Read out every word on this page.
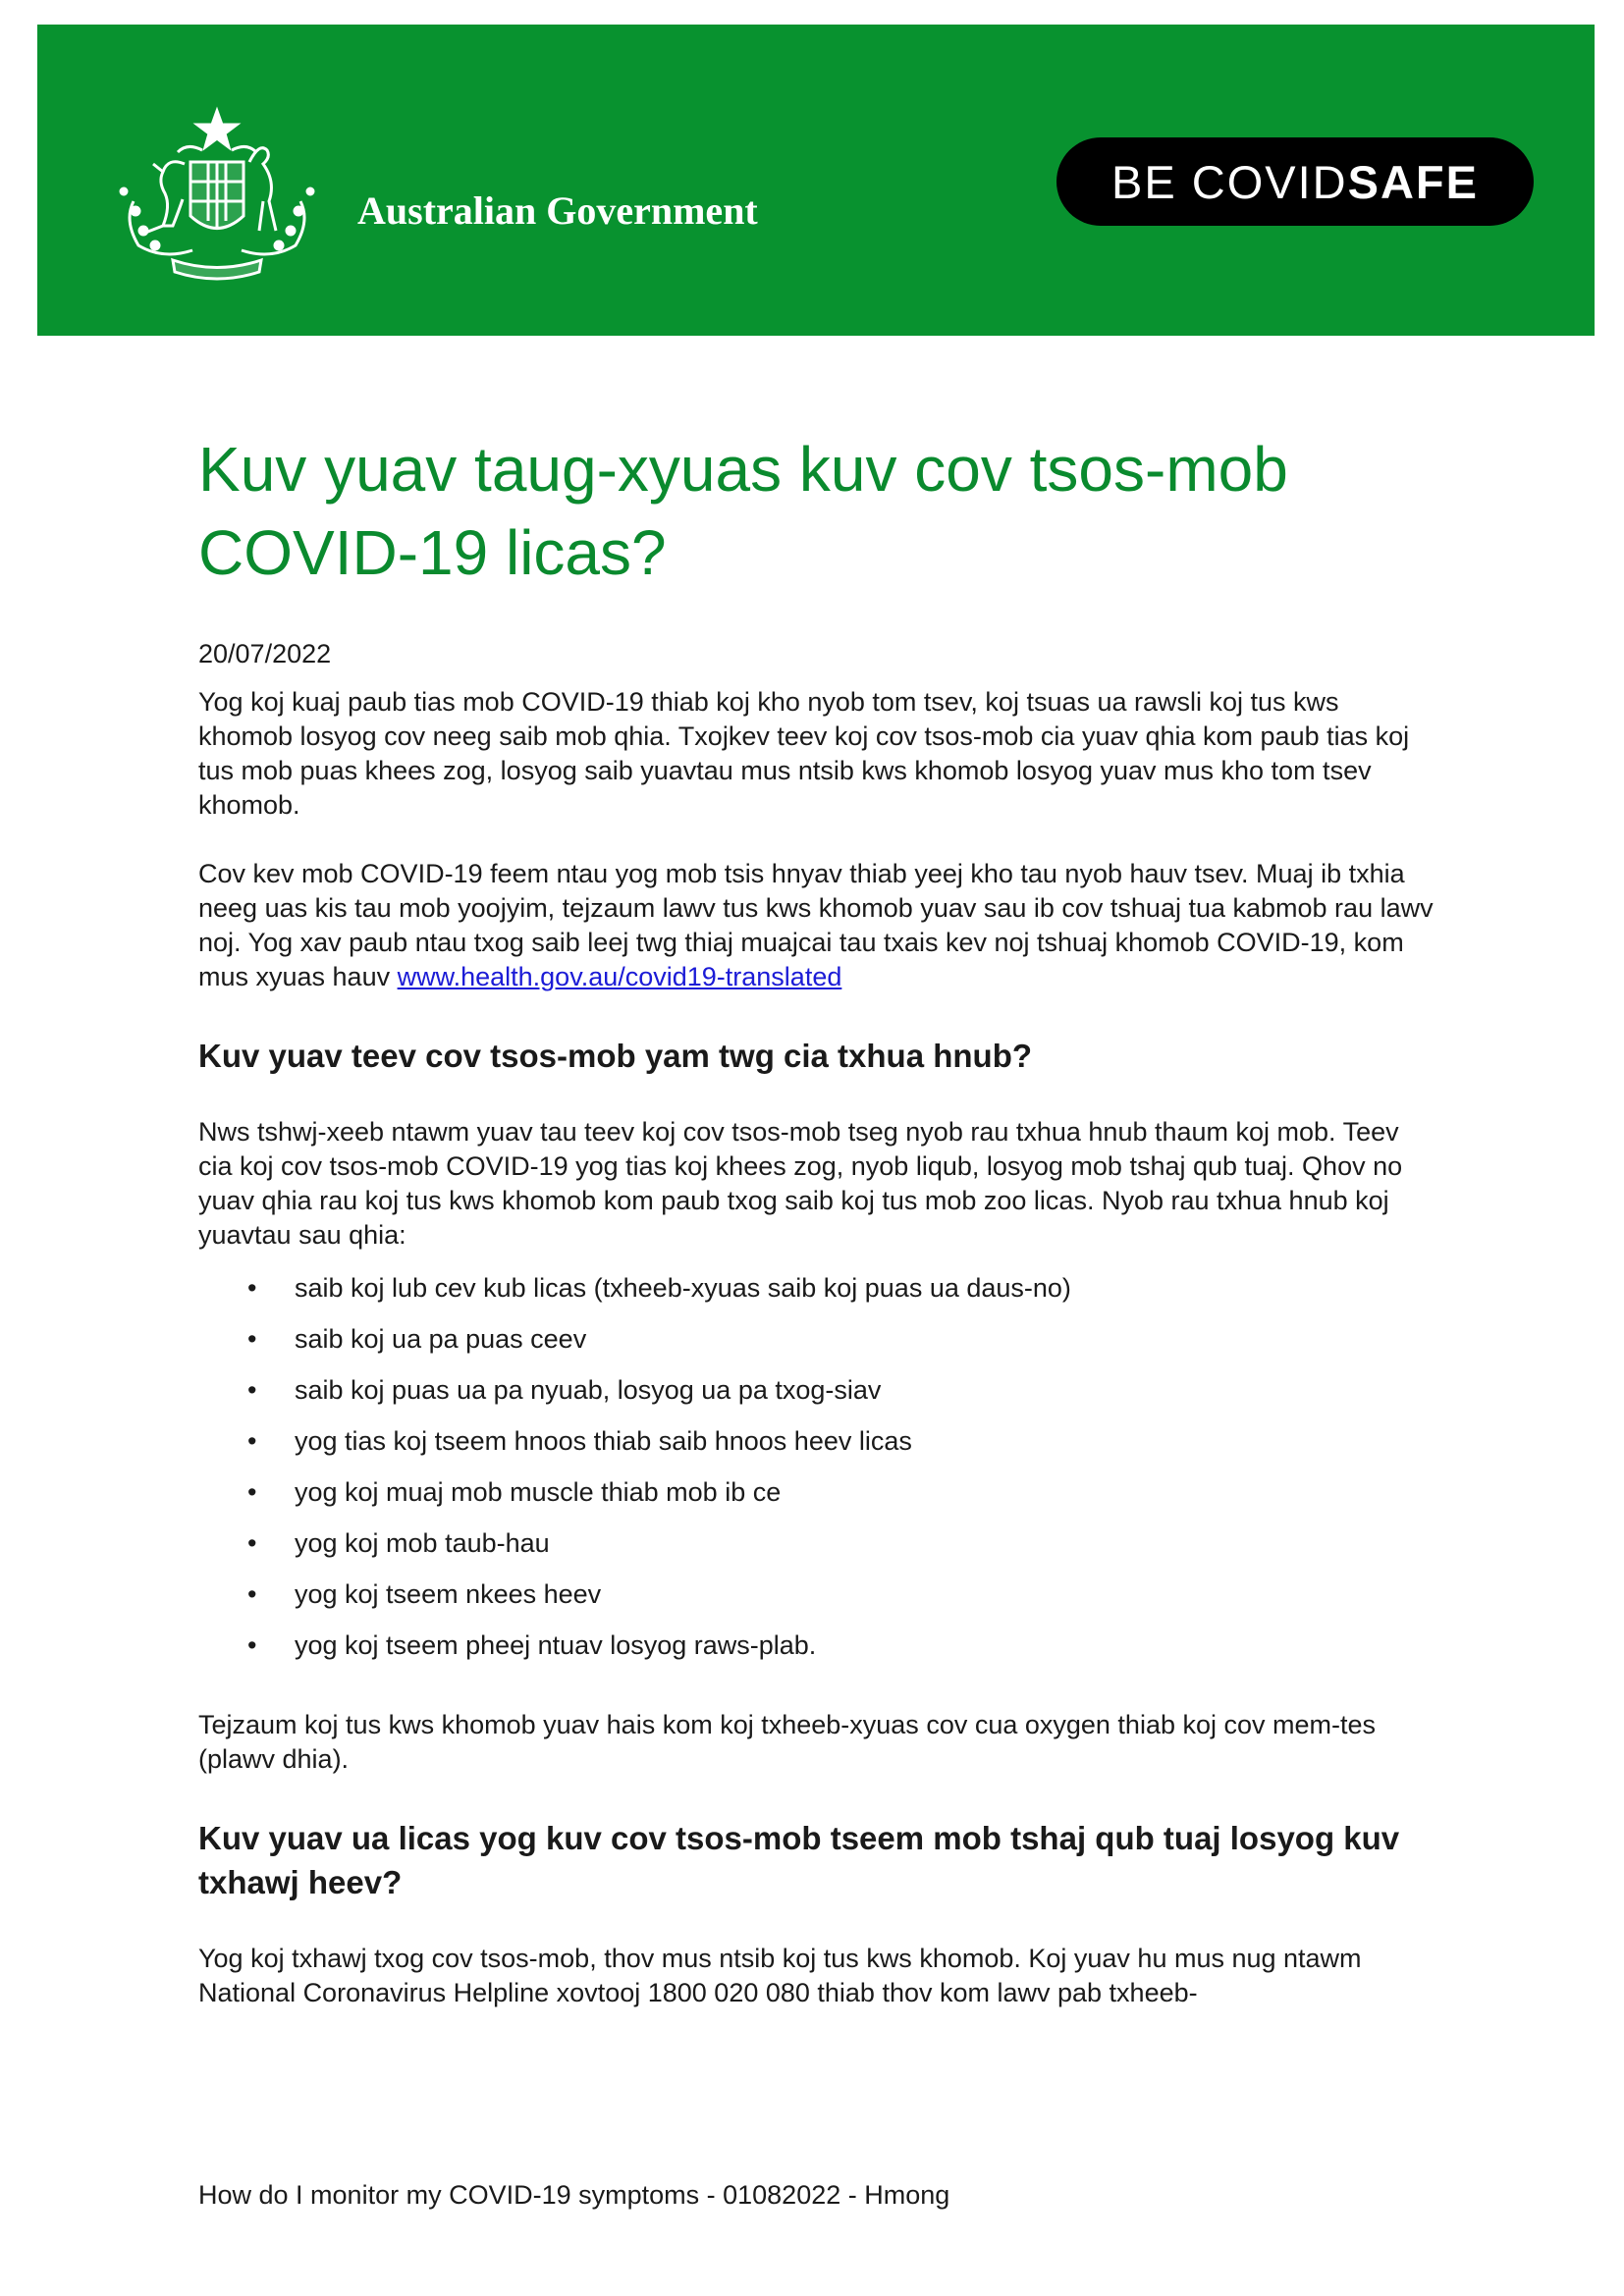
Australian Government
BE COVID SAFE
Kuv yuav taug-xyuas kuv cov tsos-mob COVID-19 licas?
20/07/2022

Yog koj kuaj paub tias mob COVID-19 thiab koj kho nyob tom tsev, koj tsuas ua rawsli koj tus kws khomob losyog cov neeg saib mob qhia. Txojkev teev koj cov tsos-mob cia yuav qhia kom paub tias koj tus mob puas khees zog, losyog saib yuavtau mus ntsib kws khomob losyog yuav mus kho tom tsev khomob.

Cov kev mob COVID-19 feem ntau yog mob tsis hnyav thiab yeej kho tau nyob hauv tsev. Muaj ib txhia neeg uas kis tau mob yoojyim, tejzaum lawv tus kws khomob yuav sau ib cov tshuaj tua kabmob rau lawv noj. Yog xav paub ntau txog saib leej twg thiaj muajcai tau txais kev noj tshuaj khomob COVID-19, kom mus xyuas hauv www.health.gov.au/covid19-translated

Kuv yuav teev cov tsos-mob yam twg cia txhua hnub?

Nws tshwj-xeeb ntawm yuav tau teev koj cov tsos-mob tseg nyob rau txhua hnub thaum koj mob. Teev cia koj cov tsos-mob COVID-19 yog tias koj khees zog, nyob liqub, losyog mob tshaj qub tuaj. Qhov no yuav qhia rau koj tus kws khomob kom paub txog saib koj tus mob zoo licas. Nyob rau txhua hnub koj yuavtau sau qhia:

• saib koj lub cev kub licas (txheeb-xyuas saib koj puas ua daus-no)
• saib koj ua pa puas ceev
• saib koj puas ua pa nyuab, losyog ua pa txog-siav
• yog tias koj tseem hnoos thiab saib hnoos heev licas
• yog koj muaj mob muscle thiab mob ib ce
• yog koj mob taub-hau
• yog koj tseem nkees heev
• yog koj tseem pheej ntuav losyog raws-plab.

Tejzaum koj tus kws khomob yuav hais kom koj txheeb-xyuas cov cua oxygen thiab koj cov mem-tes (plawv dhia).

Kuv yuav ua licas yog kuv cov tsos-mob tseem mob tshaj qub tuaj losyog kuv txhawj heev?

Yog koj txhawj txog cov tsos-mob, thov mus ntsib koj tus kws khomob. Koj yuav hu mus nug ntawm National Coronavirus Helpline xovtooj 1800 020 080 thiab thov kom lawv pab txheeb-

How do I monitor my COVID-19 symptoms - 01082022 - Hmong
